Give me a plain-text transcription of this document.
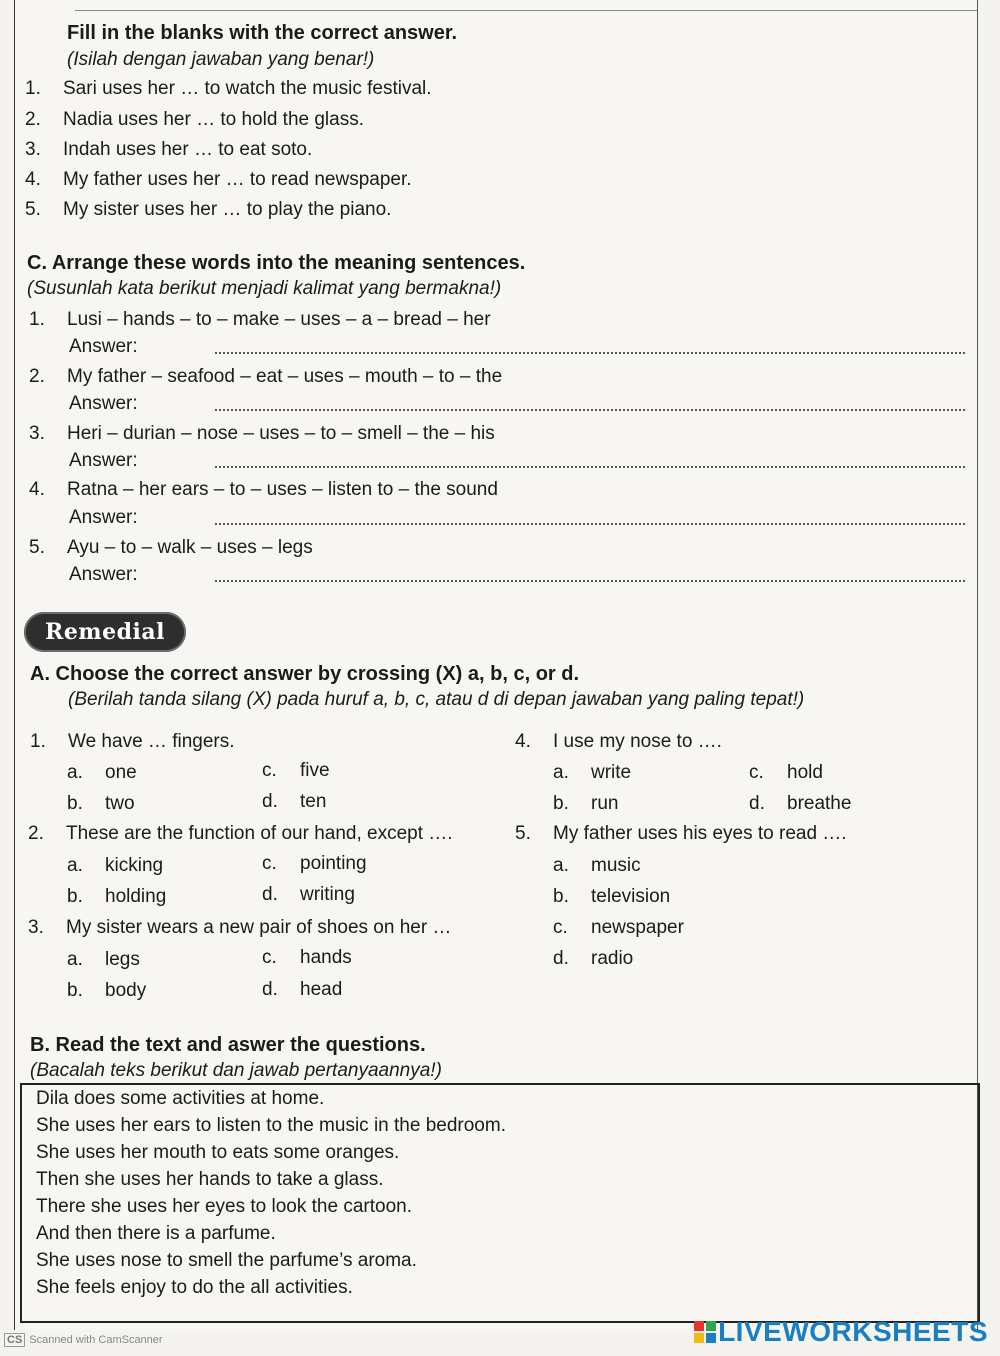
Fill in the blanks with the correct answer.
(Isilah dengan jawaban yang benar!)
1. Sari uses her … to watch the music festival.
2. Nadia uses her … to hold the glass.
3. Indah uses her … to eat soto.
4. My father uses her … to read newspaper.
5. My sister uses her … to play the piano.
C. Arrange these words into the meaning sentences.
(Susunlah kata berikut menjadi kalimat yang bermakna!)
1. Lusi – hands – to – make – uses – a – bread – her
Answer:
2. My father – seafood – eat – uses – mouth – to – the
Answer:
3. Heri – durian – nose – uses – to – smell – the – his
Answer:
4. Ratna – her ears – to – uses – listen to – the sound
Answer:
5. Ayu – to – walk – uses – legs
Answer:
Remedial
A. Choose the correct answer by crossing (X) a, b, c, or d.
(Berilah tanda silang (X) pada huruf a, b, c, atau d di depan jawaban yang paling tepat!)
1. We have … fingers.
a. one	c. five
b. two	d. ten
2. These are the function of our hand, except ….
a. kicking	c. pointing
b. holding	d. writing
3. My sister wears a new pair of shoes on her …
a. legs	c. hands
b. body	d. head
4. I use my nose to ….
a. write	c. hold
b. run	d. breathe
5. My father uses his eyes to read ….
a. music
b. television
c. newspaper
d. radio
B. Read the text and aswer the questions.
(Bacalah teks berikut dan jawab pertanyaannya!)
Dila does some activities at home.
She uses her ears to listen to the music in the bedroom.
She uses her mouth to eats some oranges.
Then she uses her hands to take a glass.
There she uses her eyes to look the cartoon.
And then there is a parfume.
She uses nose to smell the parfume’s aroma.
She feels enjoy to do the all activities.
CS Scanned with CamScanner	LIVEWORKSHEETS
